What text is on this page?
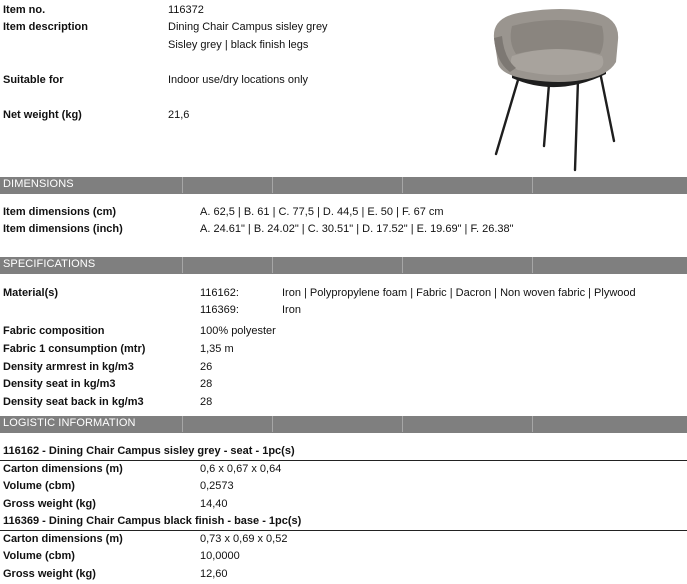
Item no.	116372
Item description	Dining Chair Campus sisley grey
Sisley grey | black finish legs
Suitable for	Indoor use/dry locations only
Net weight (kg)	21,6
DIMENSIONS
Item dimensions (cm)	A. 62,5 | B. 61 | C. 77,5 | D. 44,5 | E. 50 | F. 67 cm
Item dimensions (inch)	A. 24.61" | B. 24.02" | C. 30.51" | D. 17.52" | E. 19.69" | F. 26.38"
SPECIFICATIONS
Material(s)	116162:	Iron | Polypropylene foam | Fabric | Dacron | Non woven fabric | Plywood
116369:	Iron
Fabric composition	100% polyester
Fabric 1 consumption (mtr)	1,35 m
Density armrest in kg/m3	26
Density seat in kg/m3	28
Density seat back in kg/m3	28
LOGISTIC INFORMATION
116162 - Dining Chair Campus sisley grey - seat - 1pc(s)
Carton dimensions (m)	0,6 x 0,67 x 0,64
Volume (cbm)	0,2573
Gross weight (kg)	14,40
116369 - Dining Chair Campus black finish - base - 1pc(s)
Carton dimensions (m)	0,73 x 0,69 x 0,52
Volume (cbm)	10,0000
Gross weight (kg)	12,60
